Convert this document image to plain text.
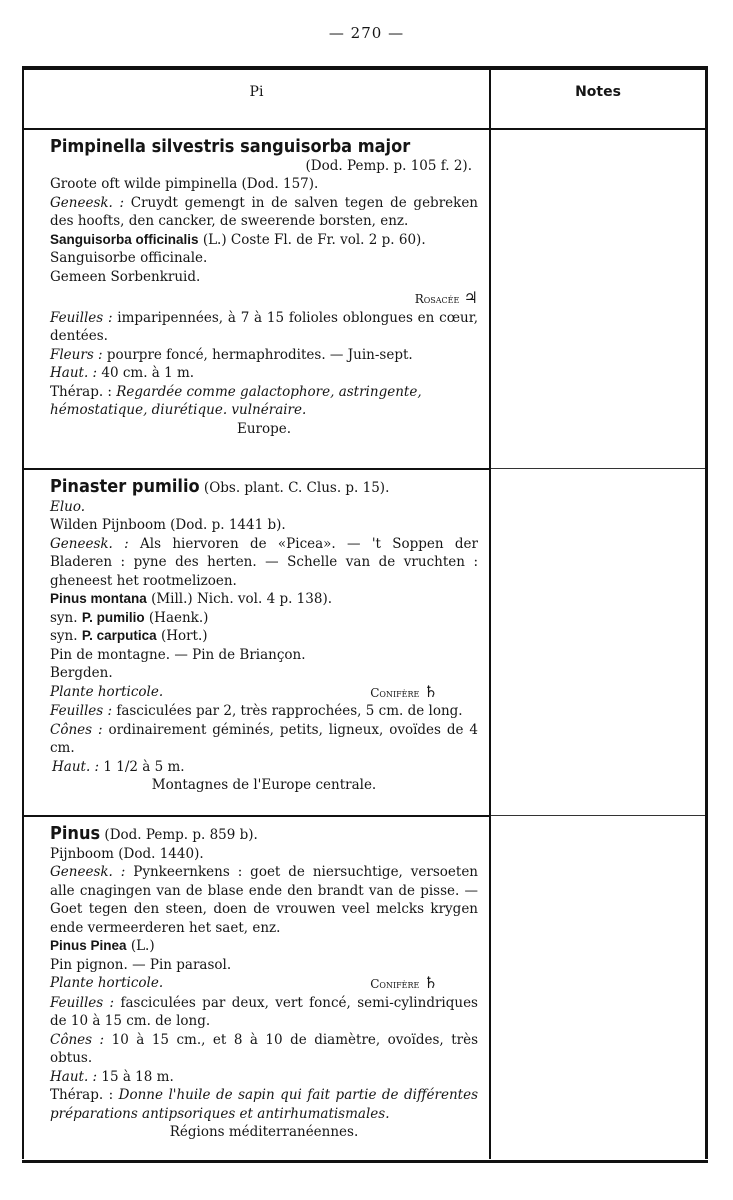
— 270 —
Pi	Notes

Pimpinella silvestris sanguisorba major

(Dod. Pemp. p. 105 f. 2).

Groote oft wilde pimpinella (Dod. 157).

Geneesk. : Cruydt gemengt in de salven tegen de gebreken des hoofts, den cancker, de sweerende borsten, enz.

Sanguisorba officinalis (L.) Coste Fl. de Fr. vol. 2 p. 60).

Sanguisorbe officinale.

Gemeen Sorbenkruid.

Rosacée ♃

Feuilles : imparipennées, à 7 à 15 folioles oblongues en cœur, dentées.

Fleurs : pourpre foncé, hermaphrodites. — Juin-sept.

Haut. : 40 cm. à 1 m.

Thérap. : Regardée comme galactophore, astringente, hémostatique, diurétique. vulnéraire.

Europe.

Pinaster pumilio (Obs. plant. C. Clus. p. 15).

Eluo.

Wilden Pijnboom (Dod. p. 1441 b).

Geneesk. : Als hiervoren de «Picea». — 't Soppen der Bladeren : pyne des herten. — Schelle van de vruchten : gheneest het rootmelizoen.

Pinus montana (Mill.) Nich. vol. 4 p. 138).

syn. P. pumilio (Haenk.)

syn. P. carputica (Hort.)

Pin de montagne. — Pin de Briançon.

Bergden.

Plante horticole.	Conifère ♄

Feuilles : fasciculées par 2, très rapprochées, 5 cm. de long.

Cônes : ordinairement géminés, petits, ligneux, ovoïdes de 4 cm.

Haut. : 1 1/2 à 5 m.

Montagnes de l'Europe centrale.

Pinus (Dod. Pemp. p. 859 b).

Pijnboom (Dod. 1440).

Geneesk. : Pynkeernkens : goet de niersuchtige, versoeten alle cnagingen van de blase ende den brandt van de pisse. — Goet tegen den steen, doen de vrouwen veel melcks krygen ende vermeerderen het saet, enz.

Pinus Pinea (L.)

Pin pignon. — Pin parasol.

Plante horticole.	Conifère ♄

Feuilles : fasciculées par deux, vert foncé, semi-cylindriques de 10 à 15 cm. de long.

Cônes : 10 à 15 cm., et 8 à 10 de diamètre, ovoïdes, très obtus.

Haut. : 15 à 18 m.

Thérap. : Donne l'huile de sapin qui fait partie de différentes préparations antipsoriques et antirhumatismales.

Régions méditerranéennes.
